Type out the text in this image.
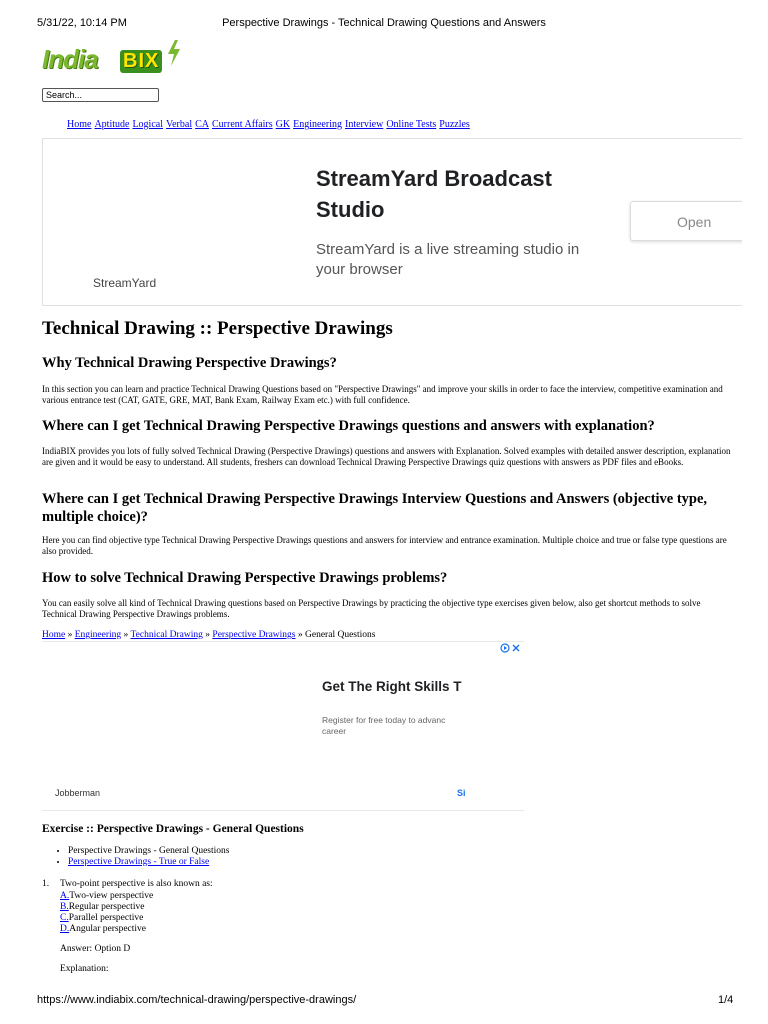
5/31/22, 10:14 PM	Perspective Drawings - Technical Drawing Questions and Answers
India BIX
Search...
Home Aptitude Logical Verbal CA Current Affairs GK Engineering Interview Online Tests Puzzles
StreamYard Broadcast Studio
StreamYard is a live streaming studio in your browser
StreamYard
Open
Technical Drawing :: Perspective Drawings
Why Technical Drawing Perspective Drawings?

In this section you can learn and practice Technical Drawing Questions based on "Perspective Drawings" and improve your skills in order to face the interview, competitive examination and various entrance test (CAT, GATE, GRE, MAT, Bank Exam, Railway Exam etc.) with full confidence.

Where can I get Technical Drawing Perspective Drawings questions and answers with explanation?

IndiaBIX provides you lots of fully solved Technical Drawing (Perspective Drawings) questions and answers with Explanation. Solved examples with detailed answer description, explanation are given and it would be easy to understand. All students, freshers can download Technical Drawing Perspective Drawings quiz questions with answers as PDF files and eBooks.

Where can I get Technical Drawing Perspective Drawings Interview Questions and Answers (objective type, multiple choice)?

Here you can find objective type Technical Drawing Perspective Drawings questions and answers for interview and entrance examination. Multiple choice and true or false type questions are also provided.

How to solve Technical Drawing Perspective Drawings problems?

You can easily solve all kind of Technical Drawing questions based on Perspective Drawings by practicing the objective type exercises given below, also get shortcut methods to solve Technical Drawing Perspective Drawings problems.

Home » Engineering » Technical Drawing » Perspective Drawings » General Questions
Get The Right Skills T
Register for free today to advanc career
Jobberman	Si
Exercise :: Perspective Drawings - General Questions
• Perspective Drawings - General Questions
• Perspective Drawings - True or False
1. Two-point perspective is also known as:
A.Two-view perspective
B.Regular perspective
C.Parallel perspective
D.Angular perspective
Answer: Option D
Explanation:
https://www.indiabix.com/technical-drawing/perspective-drawings/	1/4
